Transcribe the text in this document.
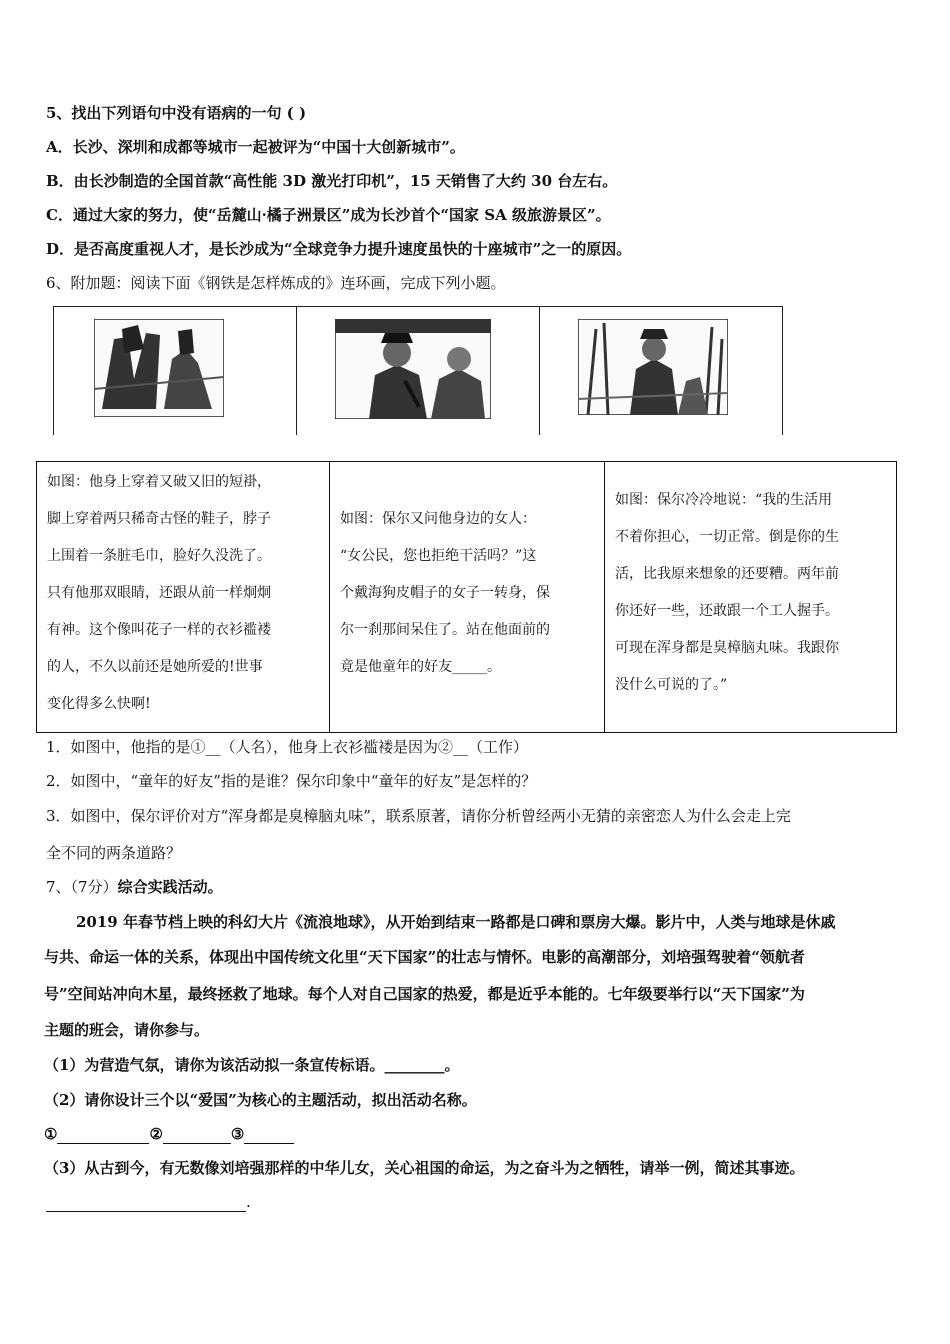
5、找出下列语句中没有语病的一句 ( )
A．长沙、深圳和成都等城市一起被评为“中国十大创新城市”。
B．由长沙制造的全国首款“高性能 3D 激光打印机”，15 天销售了大约 30 台左右。
C．通过大家的努力，使“岳麓山·橘子洲景区”成为长沙首个“国家 SA 级旅游景区”。
D．是否高度重视人才，是长沙成为“全球竞争力提升速度虽快的十座城市”之一的原因。
6、附加题：阅读下面《钢铁是怎样炼成的》连环画，完成下列小题。

如图：他身上穿着又破又旧的短褂，

脚上穿着两只稀奇古怪的鞋子，脖子

上围着一条脏毛巾，脸好久没洗了。

只有他那双眼睛，还跟从前一样炯炯

有神。这个像叫花子一样的衣衫褴褛

的人，不久以前还是她所爱的!世事

变化得多么快啊!

如图：保尔又问他身边的女人：

“女公民，您也拒绝干活吗？”这

个戴海狗皮帽子的女子一转身，保

尔一刹那间呆住了。站在他面前的

竟是他童年的好友_____。

如图：保尔冷冷地说：“我的生活用

不着你担心，一切正常。倒是你的生

活，比我原来想象的还要糟。两年前

你还好一些，还敢跟一个工人握手。

可现在浑身都是臭樟脑丸味。我跟你

没什么可说的了。”

1．如图中，他指的是①__（人名），他身上衣衫褴褛是因为②__（工作）
2．如图中，“童年的好友”指的是谁？保尔印象中“童年的好友”是怎样的？
3．如图中，保尔评价对方“浑身都是臭樟脑丸味”，联系原著，请你分析曾经两小无猜的亲密恋人为什么会走上完
全不同的两条道路？
7、（7分）综合实践活动。
2019 年春节档上映的科幻大片《流浪地球》，从开始到结束一路都是口碑和票房大爆。影片中，人类与地球是休戚
与共、命运一体的关系，体现出中国传统文化里“天下国家”的壮志与情怀。电影的高潮部分，刘培强驾驶着“领航者
号”空间站冲向木星，最终拯救了地球。每个人对自己国家的热爱，都是近乎本能的。七年级要举行以“天下国家”为
主题的班会，请你参与。
（1）为营造气氛，请你为该活动拟一条宣传标语。________。
（2）请你设计三个以“爱国”为核心的主题活动，拟出活动名称。
①	②	③
（3）从古到今，有无数像刘培强那样的中华儿女，关心祖国的命运，为之奋斗为之牺牲，请举一例，简述其事迹。
.
